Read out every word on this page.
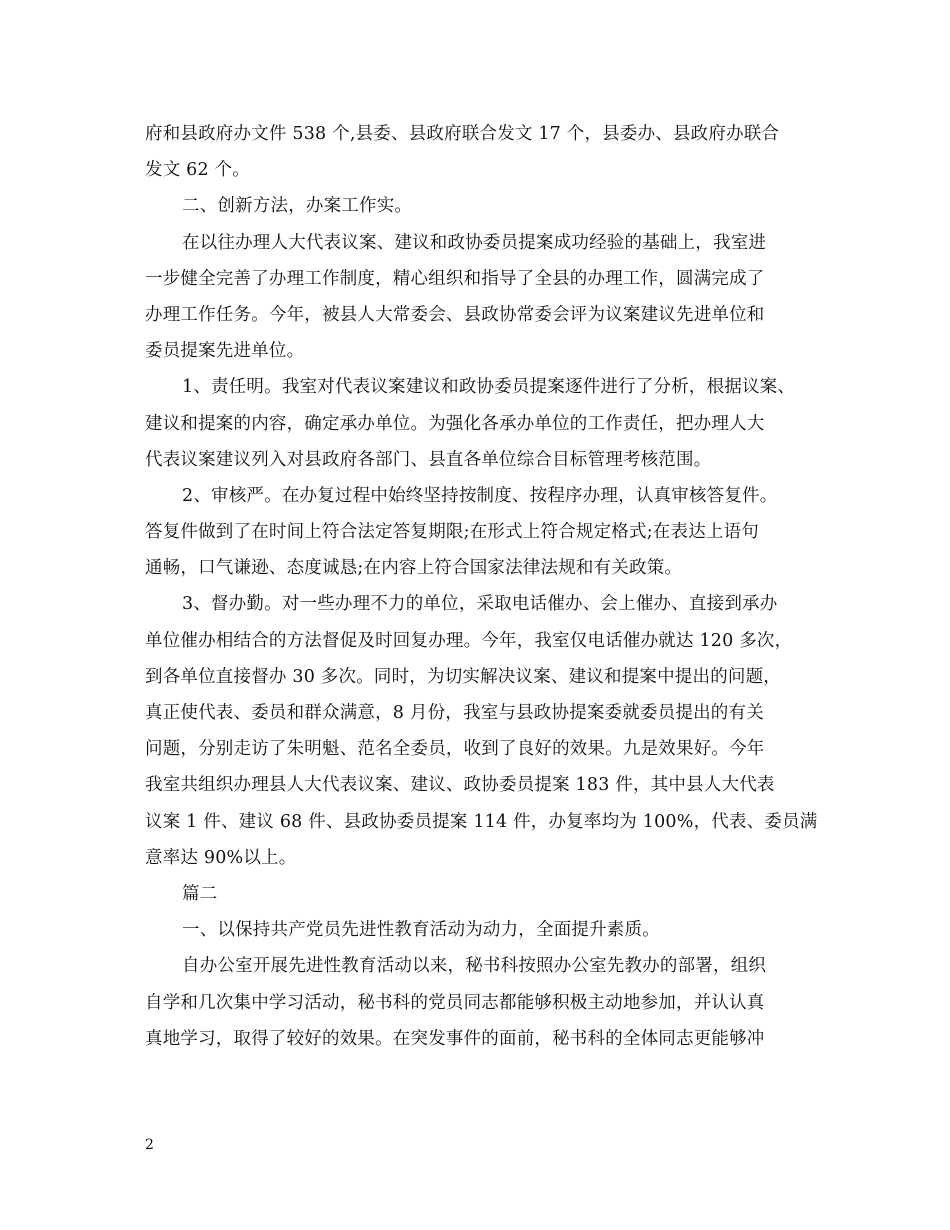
府和县政府办文件 538 个,县委、县政府联合发文 17 个，县委办、县政府办联合
发文 62 个。
二、创新方法，办案工作实。
在以往办理人大代表议案、建议和政协委员提案成功经验的基础上，我室进
一步健全完善了办理工作制度，精心组织和指导了全县的办理工作，圆满完成了
办理工作任务。今年，被县人大常委会、县政协常委会评为议案建议先进单位和
委员提案先进单位。
1、责任明。我室对代表议案建议和政协委员提案逐件进行了分析，根据议案、
建议和提案的内容，确定承办单位。为强化各承办单位的工作责任，把办理人大
代表议案建议列入对县政府各部门、县直各单位综合目标管理考核范围。
2、审核严。在办复过程中始终坚持按制度、按程序办理，认真审核答复件。
答复件做到了在时间上符合法定答复期限;在形式上符合规定格式;在表达上语句
通畅，口气谦逊、态度诚恳;在内容上符合国家法律法规和有关政策。
3、督办勤。对一些办理不力的单位，采取电话催办、会上催办、直接到承办
单位催办相结合的方法督促及时回复办理。今年，我室仅电话催办就达 120 多次，
到各单位直接督办 30 多次。同时，为切实解决议案、建议和提案中提出的问题，
真正使代表、委员和群众满意，8 月份，我室与县政协提案委就委员提出的有关
问题，分别走访了朱明魁、范名全委员，收到了良好的效果。九是效果好。今年
我室共组织办理县人大代表议案、建议、政协委员提案 183 件，其中县人大代表
议案 1 件、建议 68 件、县政协委员提案 114 件，办复率均为 100%，代表、委员满
意率达 90%以上。
篇二
一、以保持共产党员先进性教育活动为动力，全面提升素质。
自办公室开展先进性教育活动以来，秘书科按照办公室先教办的部署，组织
自学和几次集中学习活动，秘书科的党员同志都能够积极主动地参加，并认认真
真地学习，取得了较好的效果。在突发事件的面前，秘书科的全体同志更能够冲
2
